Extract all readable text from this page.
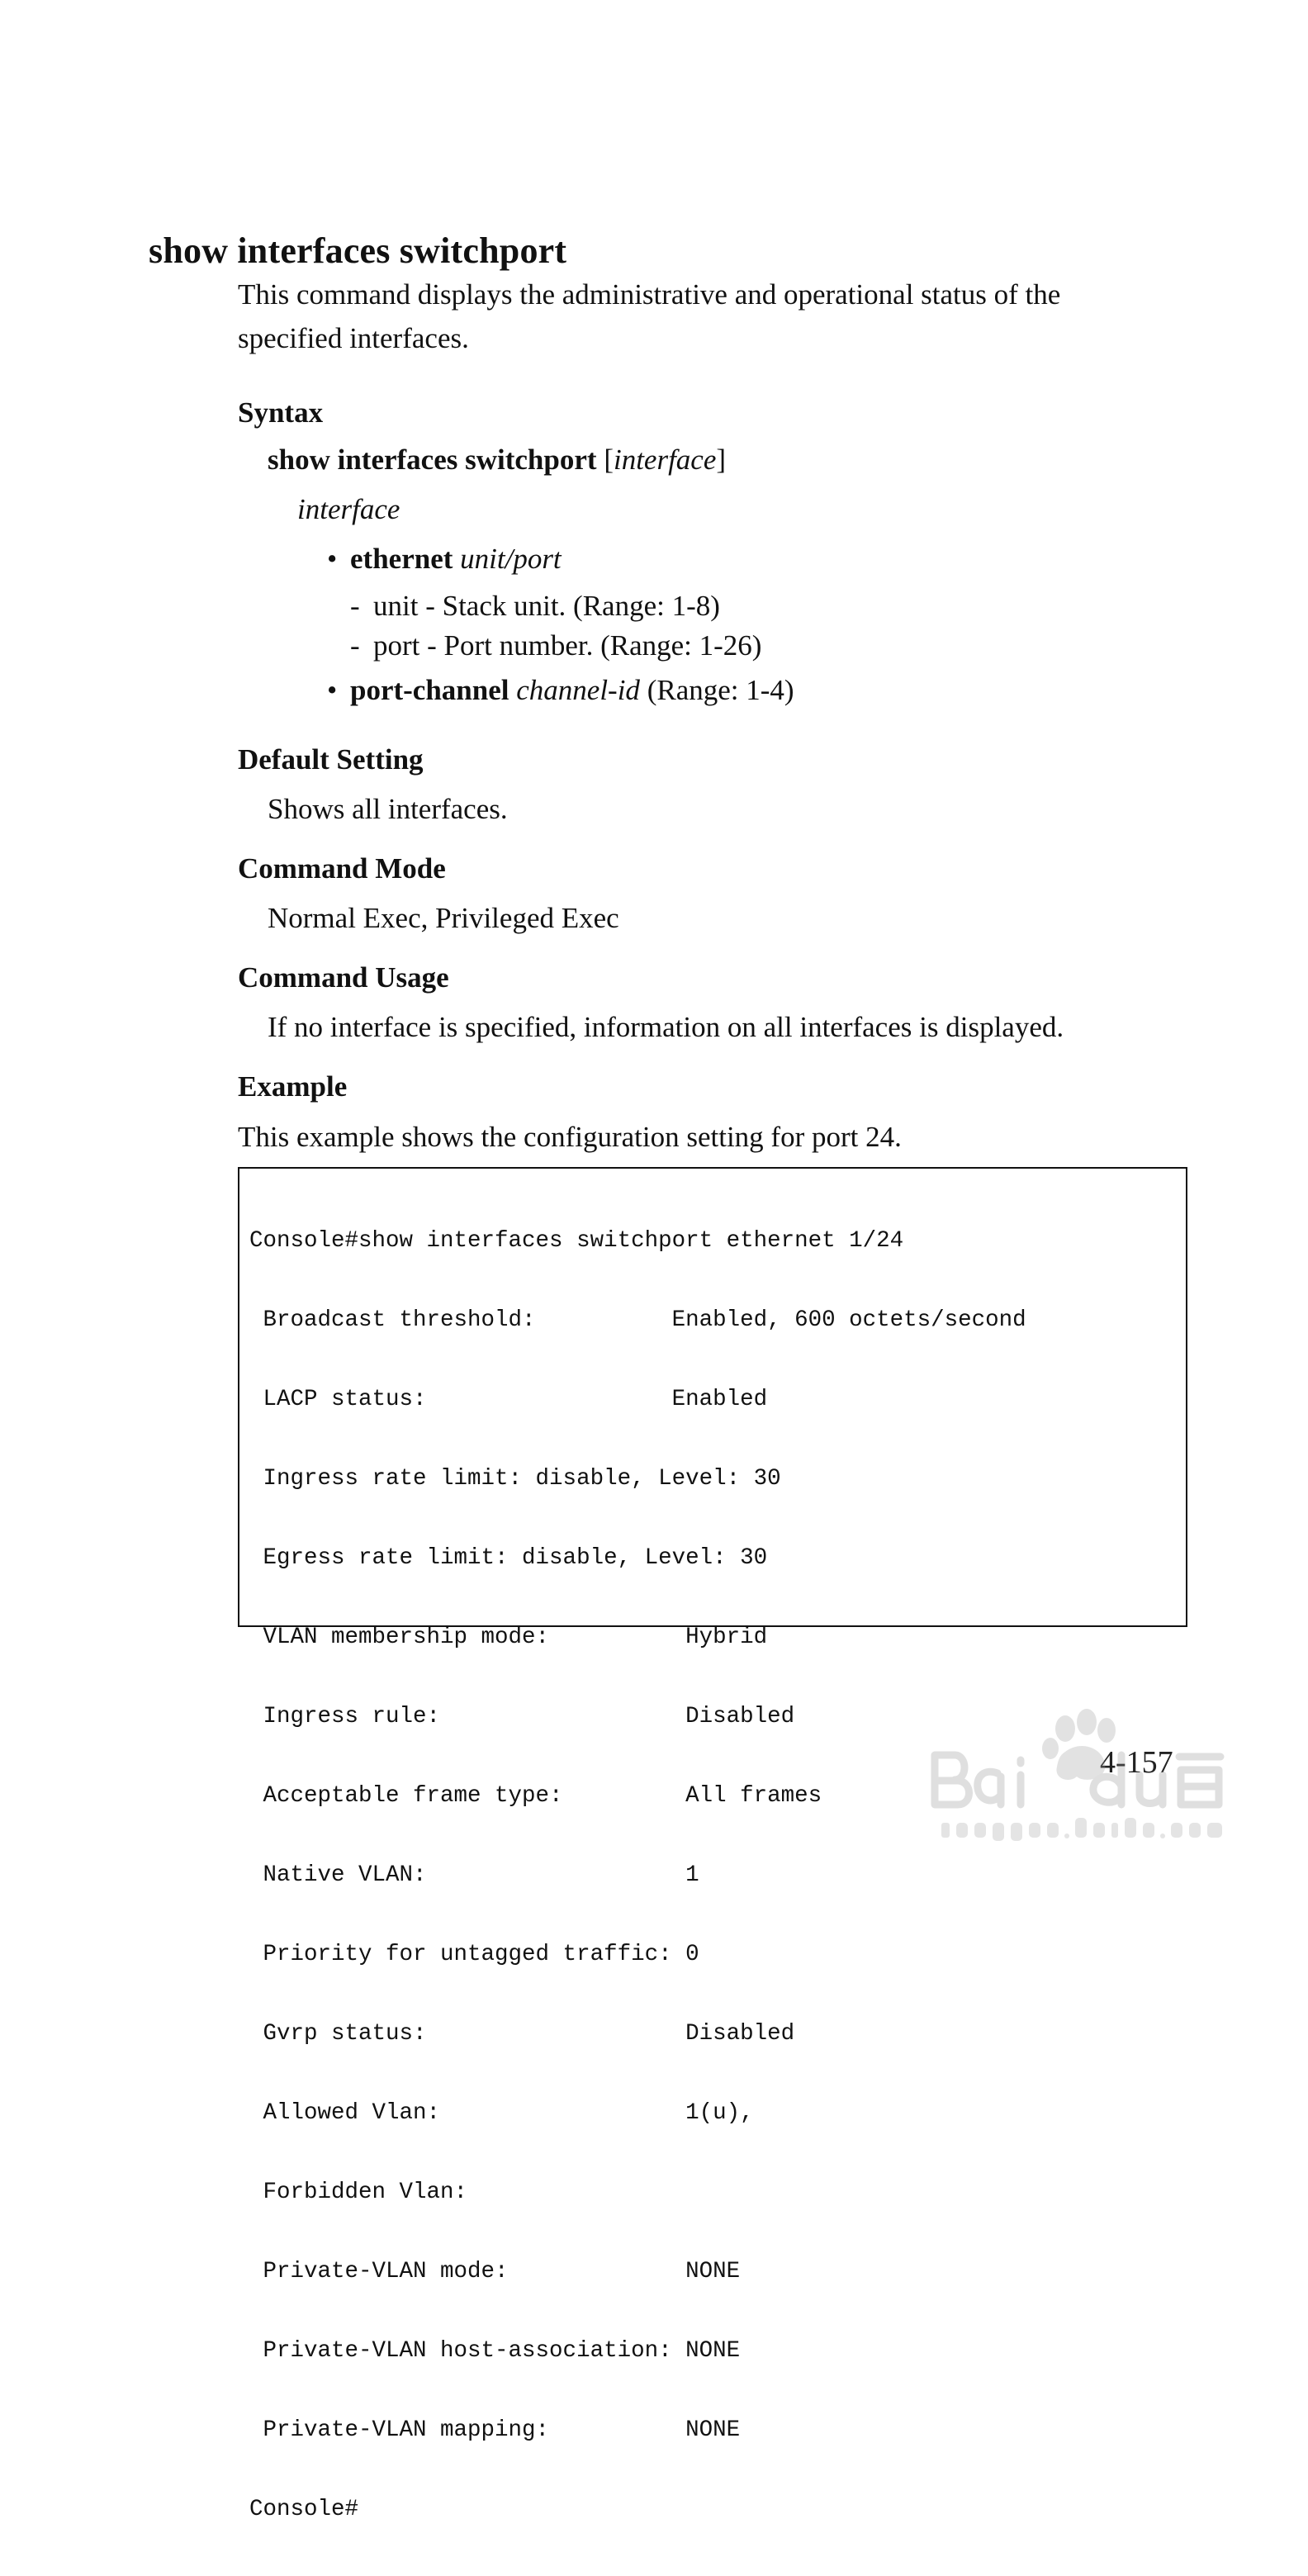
show interfaces switchport
This command displays the administrative and operational status of the specified interfaces.
Syntax
show interfaces switchport [interface]
interface
• ethernet unit/port
- unit - Stack unit. (Range: 1-8)
- port - Port number. (Range: 1-26)
• port-channel channel-id (Range: 1-4)
Default Setting
Shows all interfaces.
Command Mode
Normal Exec, Privileged Exec
Command Usage
If no interface is specified, information on all interfaces is displayed.
Example
This example shows the configuration setting for port 24.

Console#show interfaces switchport ethernet 1/24

Broadcast threshold:          Enabled, 600 octets/second

LACP status:                  Enabled

Ingress rate limit: disable, Level: 30

Egress rate limit: disable, Level: 30

VLAN membership mode:          Hybrid

Ingress rule:                  Disabled

Acceptable frame type:         All frames

Native VLAN:                   1

Priority for untagged traffic: 0

Gvrp status:                   Disabled

Allowed Vlan:                  1(u),

Forbidden Vlan:

Private-VLAN mode:             NONE

Private-VLAN host-association: NONE

Private-VLAN mapping:          NONE

Console#

4-157
